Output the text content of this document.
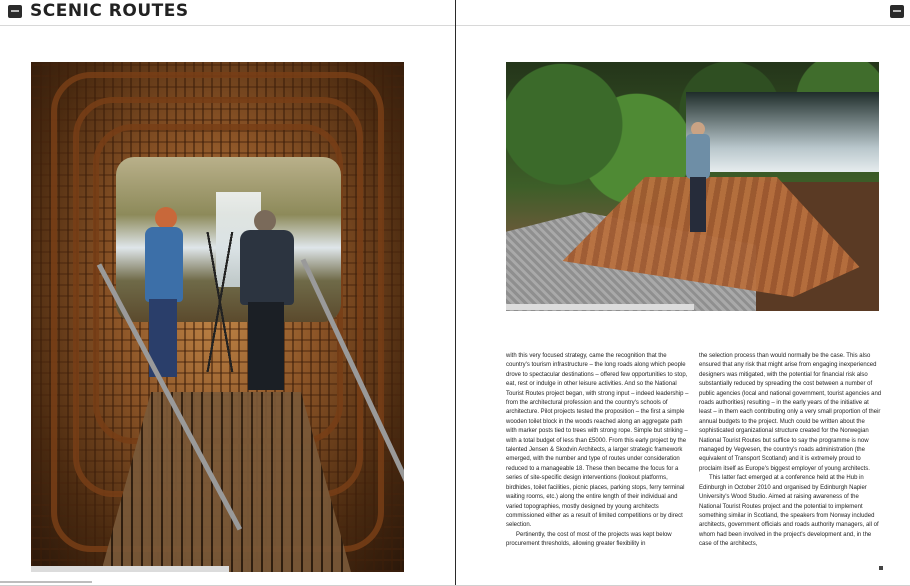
SCENIC ROUTES

with this very focused strategy, came the recognition that the country's tourism infrastructure – the long roads along which people drove to spectacular destinations – offered few opportunities to stop, eat, rest or indulge in other leisure activities. And so the National Tourist Routes project began, with strong input – indeed leadership – from the architectural profession and the country's schools of architecture. Pilot projects tested the proposition – the first a simple wooden toilet block in the woods reached along an aggregate path with marker posts tied to trees with strong rope. Simple but striking – with a total budget of less than £5000. From this early project by the talented Jensen & Skodvin Architects, a larger strategic framework emerged, with the number and type of routes under consideration reduced to a manageable 18. These then became the focus for a series of site-specific design interventions (lookout platforms, birdhides, toilet facilities, picnic places, parking stops, ferry terminal waiting rooms, etc.) along the entire length of their individual and varied topographies, mostly designed by young architects commissioned either as a result of limited competitions or by direct selection.

Pertinently, the cost of most of the projects was kept below procurement thresholds, allowing greater flexibility in

the selection process than would normally be the case. This also ensured that any risk that might arise from engaging inexperienced designers was mitigated, with the potential for financial risk also substantially reduced by spreading the cost between a number of public agencies (local and national government, tourist agencies and roads authorities) resulting – in the early years of the initiative at least – in them each contributing only a very small proportion of their annual budgets to the project. Much could be written about the sophisticated organizational structure created for the Norwegian National Tourist Routes but suffice to say the programme is now managed by Vegvesen, the country's roads administration (the equivalent of Transport Scotland) and it is extremely proud to proclaim itself as Europe's biggest employer of young architects.

This latter fact emerged at a conference held at the Hub in Edinburgh in October 2010 and organised by Edinburgh Napier University's Wood Studio. Aimed at raising awareness of the National Tourist Routes project and the potential to implement something similar in Scotland, the speakers from Norway included architects, government officials and roads authority managers, all of whom had been involved in the project's development and, in the case of the architects,
